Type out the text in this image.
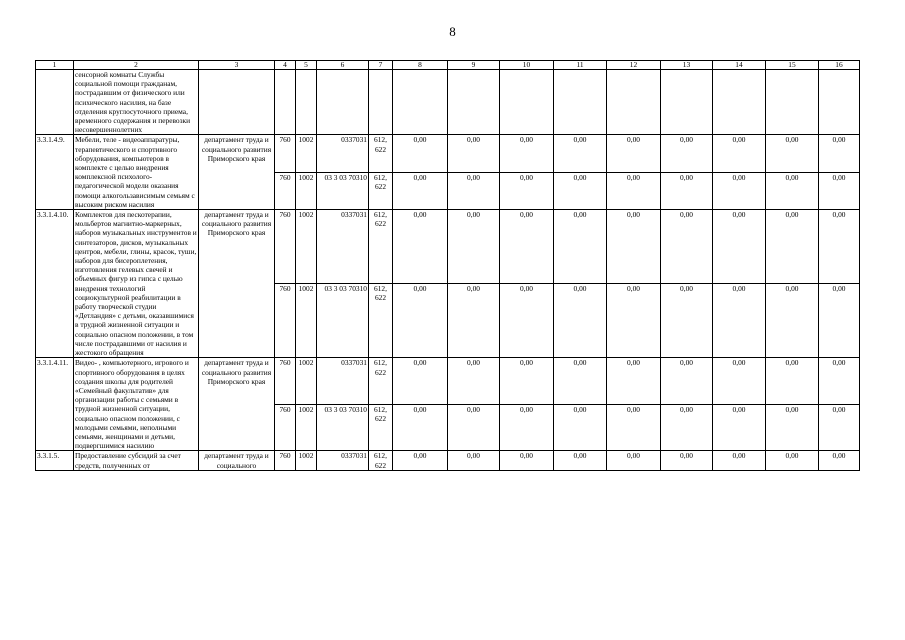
8
1	2	3	4	5	6	7	8	9	10	11	12	13	14	15	16
	сенсорной комнаты Службы социальной помощи гражданам, пострадавшим от физического или психического насилия, на базе отделения круглосуточного приема, временного содержания и перевозки несовершеннолетних														
3.3.1.4.9.	Мебели, теле - видеоаппаратуры, терапевтического и спортивного оборудования, компьютеров в комплекте с целью внедрения комплексной психолого-педагогической модели оказания помощи алкогользависимым семьям с высоким риском насилия	департамент труда и социального развития Приморского края	760	1002	0337031	612, 622	0,00	0,00	0,00	0,00	0,00	0,00	0,00	0,00	0,00
			760	1002	03 3 03 70310	612, 622	0,00	0,00	0,00	0,00	0,00	0,00	0,00	0,00	0,00
3.3.1.4.10.	Комплектов для пескотерапии, мольбертов магнитно-маркерных, наборов музыкальных инструментов и синтезаторов, дисков, музыкальных центров, мебели, глины, красок, туши, наборов для бисероплетения, изготовления гелевых свечей и объемных фигур из гипса с целью внедрения технологий социокультурной реабилитации в работу творческой студии «Детландия» с детьми, оказавшимися в трудной жизненной ситуации и социально опасном положении, в том числе пострадавшими от насилия и жестокого обращения	департамент труда и социального развития Приморского края	760	1002	0337031	612, 622	0,00	0,00	0,00	0,00	0,00	0,00	0,00	0,00	0,00
			760	1002	03 3 03 70310	612, 622	0,00	0,00	0,00	0,00	0,00	0,00	0,00	0,00	0,00
3.3.1.4.11.	Видео- , компьютерного, игрового и спортивного оборудования в целях создания школы для родителей «Семейный факультатив» для организации работы с семьями в трудной жизненной ситуации, социально опасном положении, с молодыми семьями, неполными семьями, женщинами и детьми, подвергшимися насилию	департамент труда и социального развития Приморского края	760	1002	0337031	612, 622	0,00	0,00	0,00	0,00	0,00	0,00	0,00	0,00	0,00
			760	1002	03 3 03 70310	612, 622	0,00	0,00	0,00	0,00	0,00	0,00	0,00	0,00	0,00
3.3.1.5.	Предоставление субсидий за счет средств, полученных от	департамент труда и социального	760	1002	0337031	612, 622	0,00	0,00	0,00	0,00	0,00	0,00	0,00	0,00	0,00
